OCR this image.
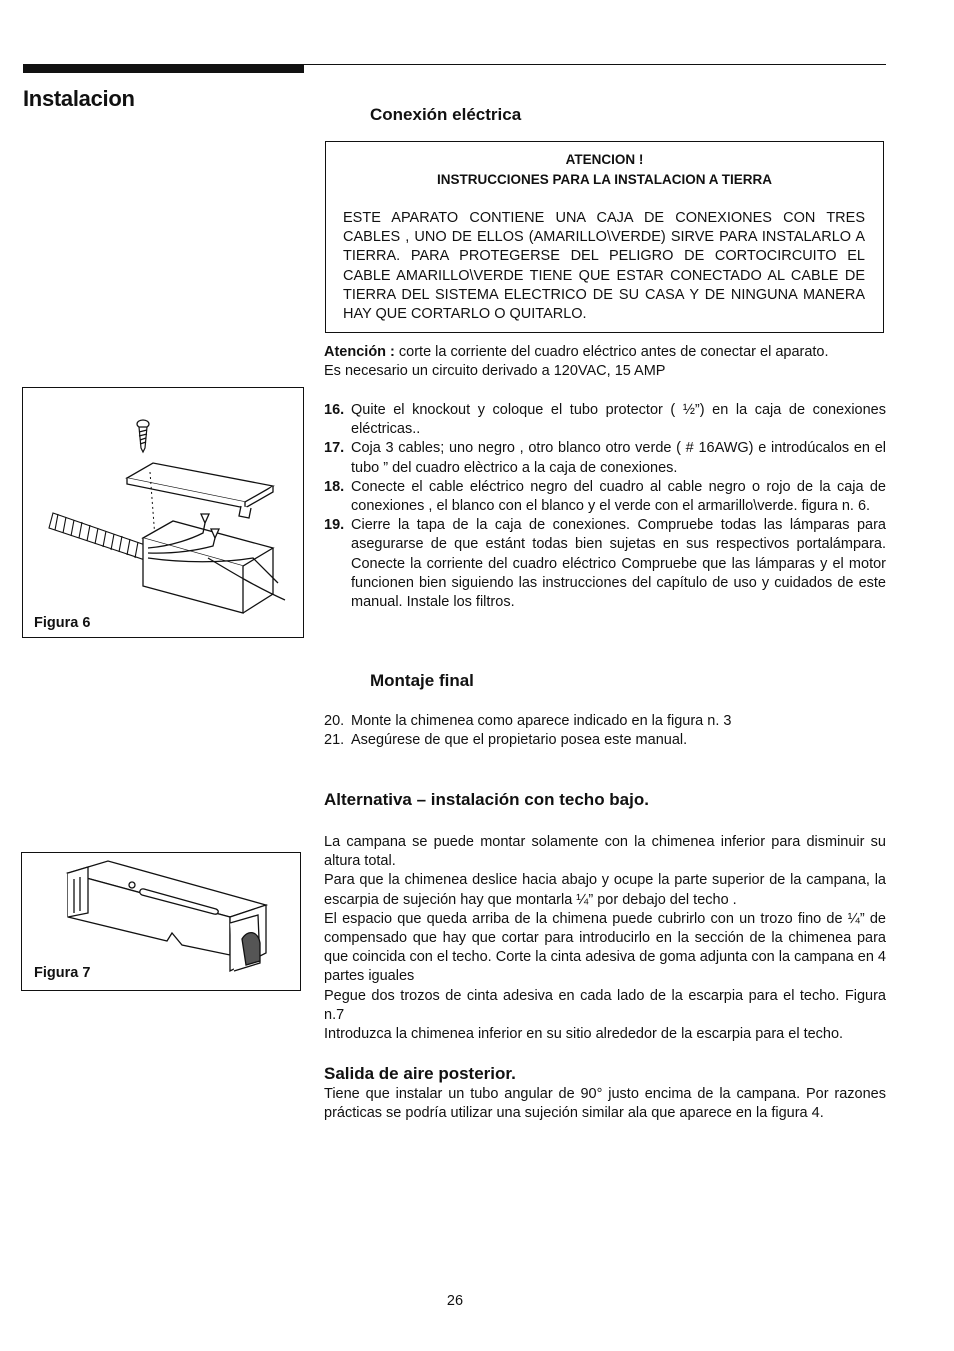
Instalacion
Conexión eléctrica
ATENCION !
INSTRUCCIONES PARA LA INSTALACION A TIERRA
ESTE APARATO CONTIENE UNA CAJA DE CONEXIONES CON TRES CABLES , UNO DE ELLOS (AMARILLO\VERDE) SIRVE PARA INSTALARLO A TIERRA. PARA PROTEGERSE DEL PELIGRO DE CORTOCIRCUITO EL CABLE AMARILLO\VERDE TIENE QUE ESTAR CONECTADO AL CABLE DE TIERRA DEL SISTEMA ELECTRICO DE SU CASA Y DE NINGUNA MANERA HAY QUE CORTARLO O QUITARLO.

Atención : corte la corriente del cuadro eléctrico antes de conectar el aparato.

Es necesario un circuito derivado a 120VAC, 15 AMP

16. Quite el knockout y coloque el tubo protector ( ½”) en la caja de conexiones eléctricas..
17. Coja 3 cables; uno negro , otro blanco otro verde ( # 16AWG) e introdúcalos en el tubo ” del cuadro elèctrico a la caja de conexiones.
18. Conecte el cable eléctrico negro del cuadro al cable negro o rojo de la caja de conexiones , el blanco con el blanco y el verde con el armarillo\verde. figura n. 6.
19. Cierre la tapa de la caja de conexiones. Compruebe todas las lámparas para asegurarse de que estánt todas bien sujetas en sus respectivos portalámpara. Conecte la corriente del cuadro eléctrico Compruebe que las lámparas y el motor funcionen bien siguiendo las instrucciones del capítulo de uso y cuidados de este manual. Instale los filtros.
Figura 6
Montaje final
20. Monte la chimenea como aparece indicado en la figura n. 3
21. Asegúrese de que el propietario posea este manual.
Alternativa – instalación con techo bajo.

La campana se puede montar solamente con la chimenea inferior para disminuir su altura total.

Para que la chimenea deslice hacia abajo y ocupe la parte superior de la campana, la escarpia de sujeción hay que montarla ¼” por debajo del techo .

El espacio que queda arriba de la chimena puede cubrirlo con un trozo fino de ¼” de compensado que hay que cortar para introducirlo en la sección de la chimenea para que coincida con el techo. Corte la cinta adesiva de goma adjunta con la campana en 4 partes iguales

Pegue dos trozos de cinta adesiva en cada lado de la escarpia para el techo. Figura n.7

Introduzca la chimenea inferior en su sitio alrededor de la escarpia para el techo.

Figura 7
Salida de aire posterior.
Tiene que instalar un tubo angular de 90° justo encima de la campana. Por razones prácticas se podría utilizar una sujeción similar ala que aparece en la figura 4.
26
